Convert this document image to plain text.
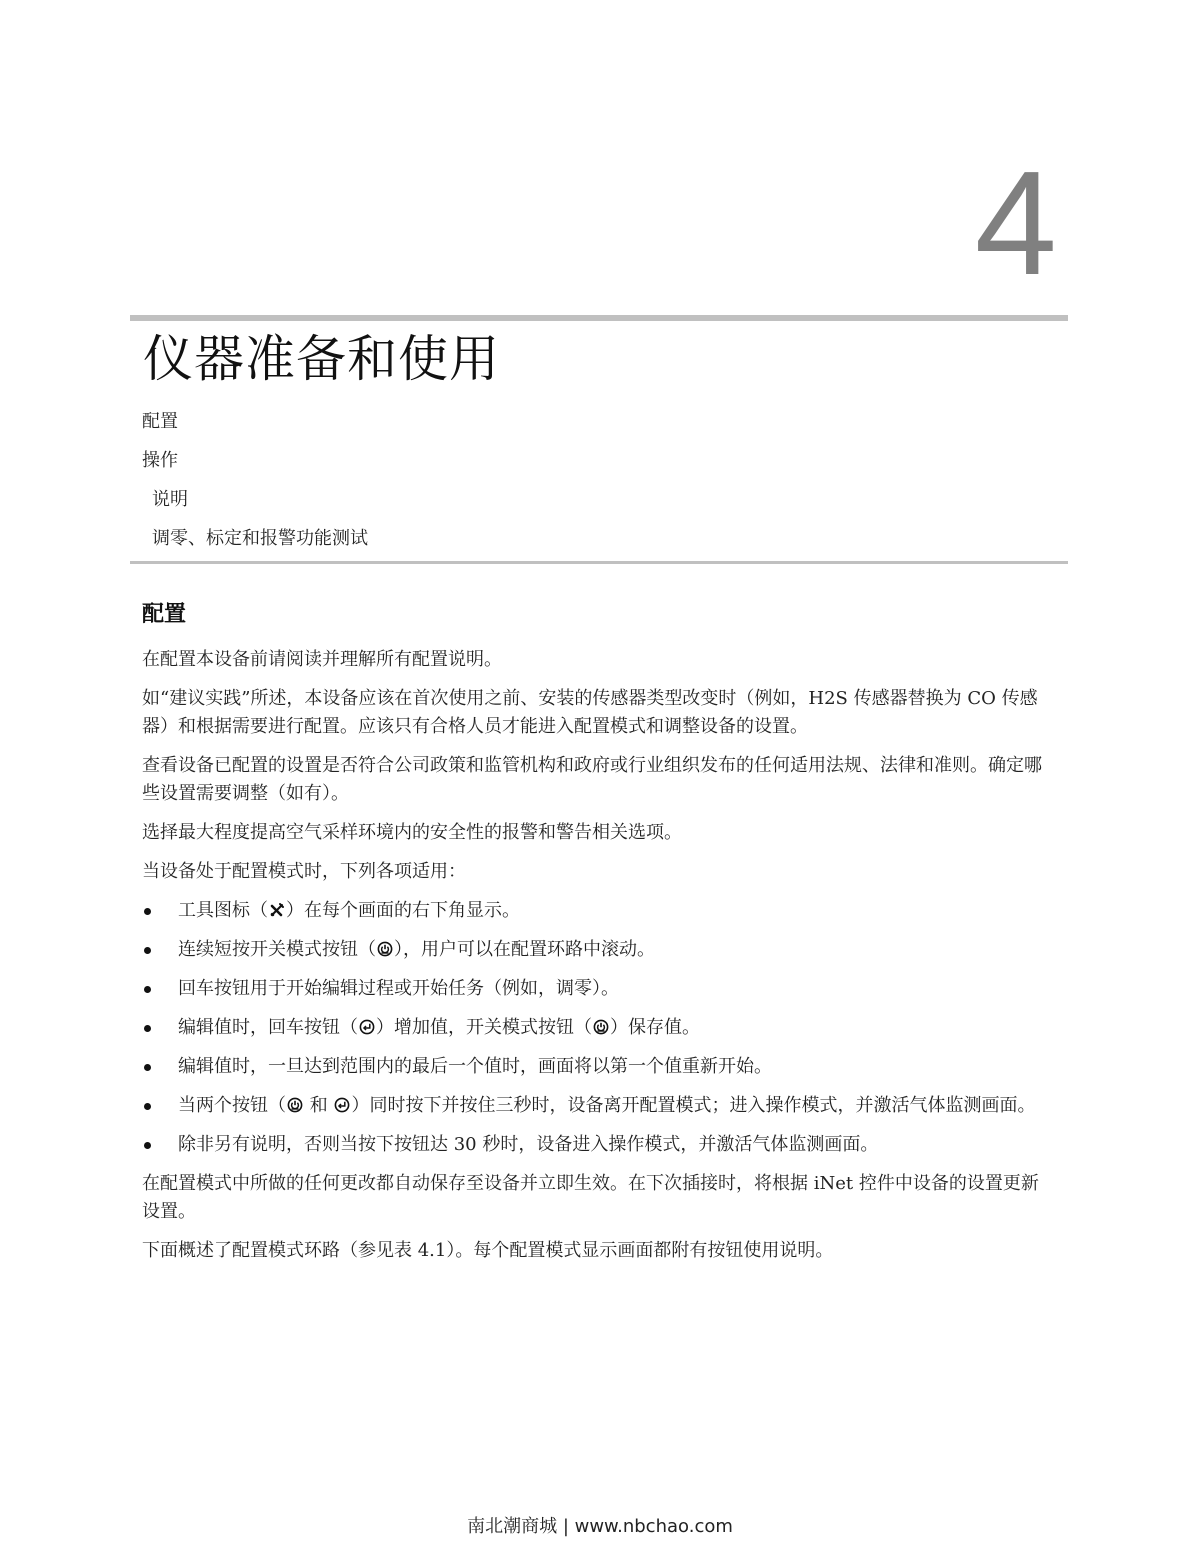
4
仪器准备和使用
配置
操作
说明
调零、标定和报警功能测试
配置

在配置本设备前请阅读并理解所有配置说明。

如“建议实践”所述，本设备应该在首次使用之前、安装的传感器类型改变时（例如，H2S 传感器替换为 CO 传感器）和根据需要进行配置。应该只有合格人员才能进入配置模式和调整设备的设置。

查看设备已配置的设置是否符合公司政策和监管机构和政府或行业组织发布的任何适用法规、法律和准则。确定哪些设置需要调整（如有）。

选择最大程度提高空气采样环境内的安全性的报警和警告相关选项。

当设备处于配置模式时，下列各项适用：

工具图标（ ）在每个画面的右下角显示。
连续短按开关模式按钮（ ），用户可以在配置环路中滚动。
回车按钮用于开始编辑过程或开始任务（例如，调零）。
编辑值时，回车按钮（ ）增加值，开关模式按钮（ ）保存值。
编辑值时，一旦达到范围内的最后一个值时，画面将以第一个值重新开始。
当两个按钮（
和
）同时按下并按住三秒时，设备离开配置模式；进入操作模式，并激活气体监测画面。
除非另有说明，否则当按下按钮达 30 秒时，设备进入操作模式，并激活气体监测画面。

在配置模式中所做的任何更改都自动保存至设备并立即生效。在下次插接时，将根据 iNet 控件中设备的设置更新设置。

下面概述了配置模式环路（参见表 4.1）。每个配置模式显示画面都附有按钮使用说明。

南北潮商城 | www.nbchao.com
